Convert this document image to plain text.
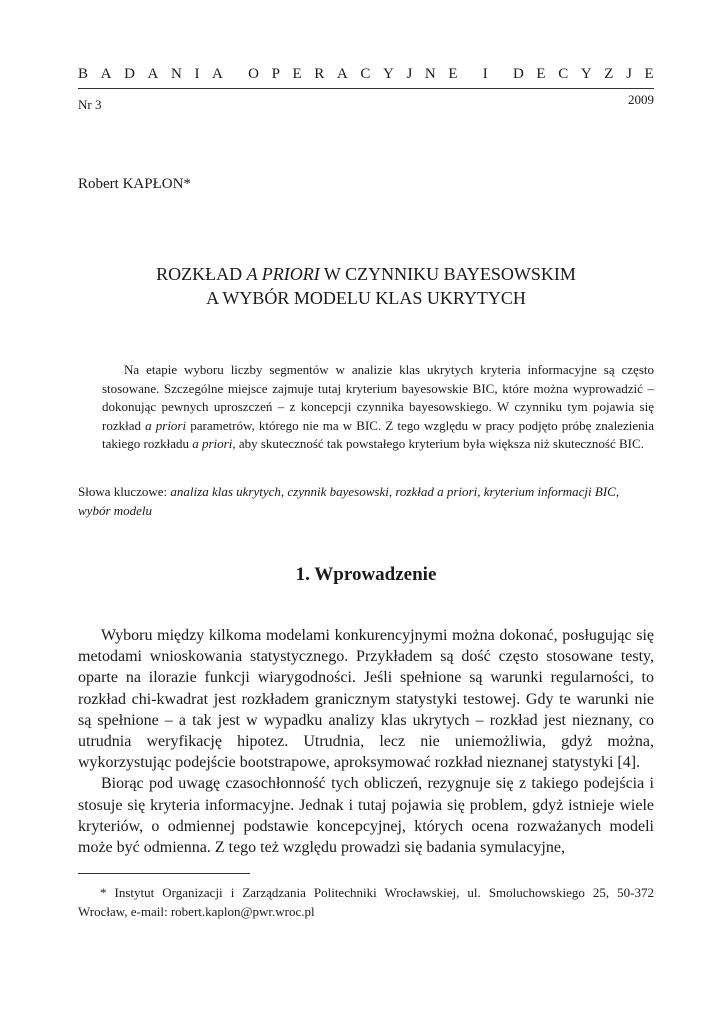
B A D A N I A O P E R A C Y J N E I D E C Y Z J E
Nr 3	2009
Robert KAPŁON*
ROZKŁAD A PRIORI W CZYNNIKU BAYESOWSKIM
A WYBÓR MODELU KLAS UKRYTYCH

Na etapie wyboru liczby segmentów w analizie klas ukrytych kryteria informacyjne są często stosowane. Szczególne miejsce zajmuje tutaj kryterium bayesowskie BIC, które można wyprowadzić – dokonując pewnych uproszczeń – z koncepcji czynnika bayesowskiego. W czynniku tym pojawia się rozkład a priori parametrów, którego nie ma w BIC. Z tego względu w pracy podjęto próbę znalezienia takiego rozkładu a priori, aby skuteczność tak powstałego kryterium była większa niż skuteczność BIC.

Słowa kluczowe: analiza klas ukrytych, czynnik bayesowski, rozkład a priori, kryterium informacji BIC, wybór modelu
1. Wprowadzenie

Wyboru między kilkoma modelami konkurencyjnymi można dokonać, posługując się metodami wnioskowania statystycznego. Przykładem są dość często stosowane testy, oparte na ilorazie funkcji wiarygodności. Jeśli spełnione są warunki regularności, to rozkład chi-kwadrat jest rozkładem granicznym statystyki testowej. Gdy te warunki nie są spełnione – a tak jest w wypadku analizy klas ukrytych – rozkład jest nieznany, co utrudnia weryfikację hipotez. Utrudnia, lecz nie uniemożliwia, gdyż można, wykorzystując podejście bootstrapowe, aproksymować rozkład nieznanej statystyki [4].

Biorąc pod uwagę czasochłonność tych obliczeń, rezygnuje się z takiego podejścia i stosuje się kryteria informacyjne. Jednak i tutaj pojawia się problem, gdyż istnieje wiele kryteriów, o odmiennej podstawie koncepcyjnej, których ocena rozważanych modeli może być odmienna. Z tego też względu prowadzi się badania symulacyjne,

* Instytut Organizacji i Zarządzania Politechniki Wrocławskiej, ul. Smoluchowskiego 25, 50-372 Wrocław, e-mail: robert.kaplon@pwr.wroc.pl
